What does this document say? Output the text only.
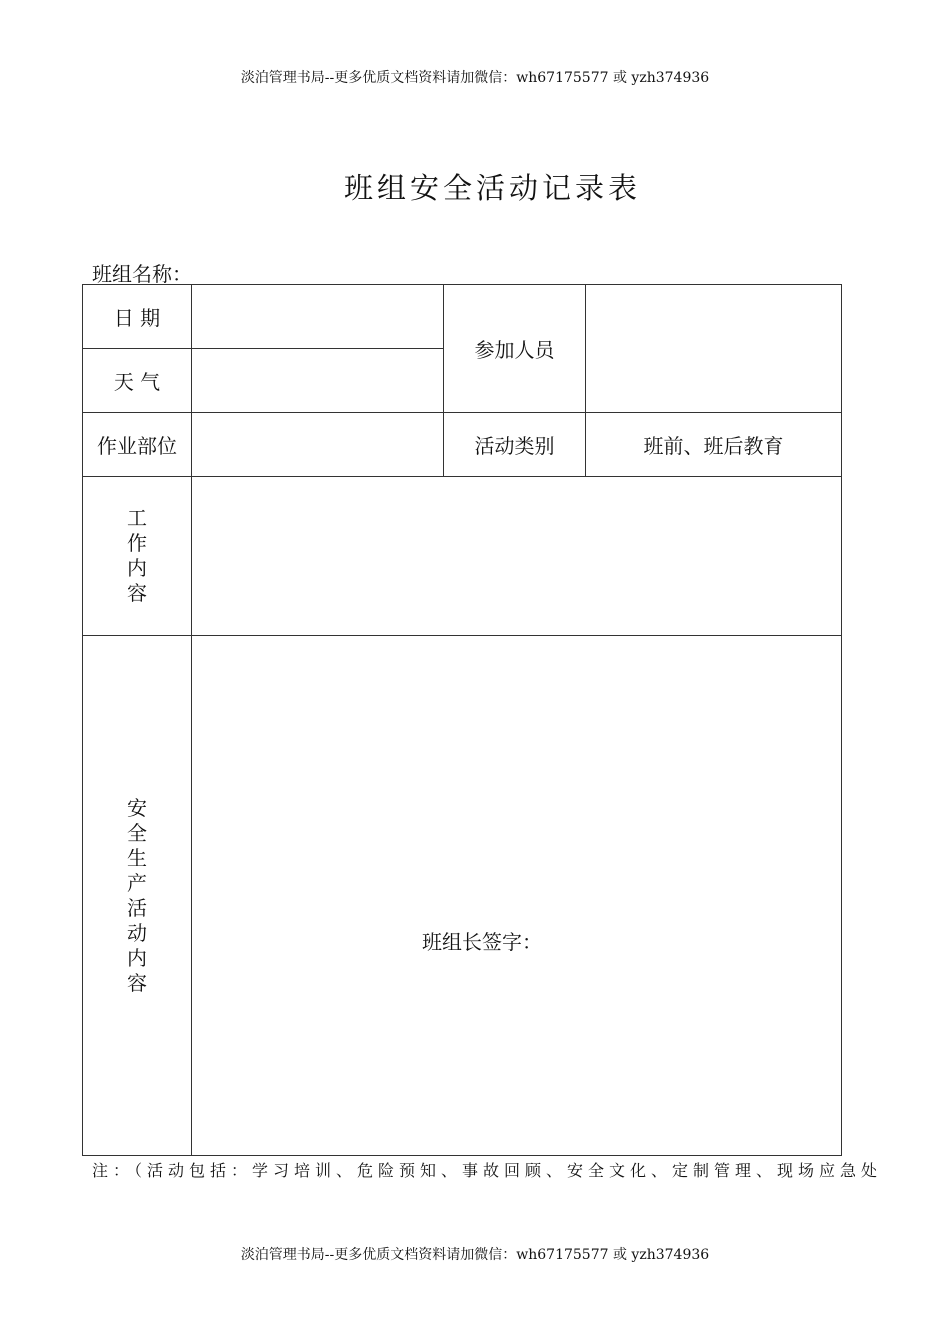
淡泊管理书局--更多优质文档资料请加微信：wh67175577 或 yzh374936
班组安全活动记录表
班组名称：
日 期		参加人员	
天 气			
作业部位		活动类别	班前、班后教育
工作内容			
安全生产活动内容	班组长签字：		
注：（活动包括：学习培训、危险预知、事故回顾、安全文化、定制管理、现场应急处
淡泊管理书局--更多优质文档资料请加微信：wh67175577 或 yzh374936
